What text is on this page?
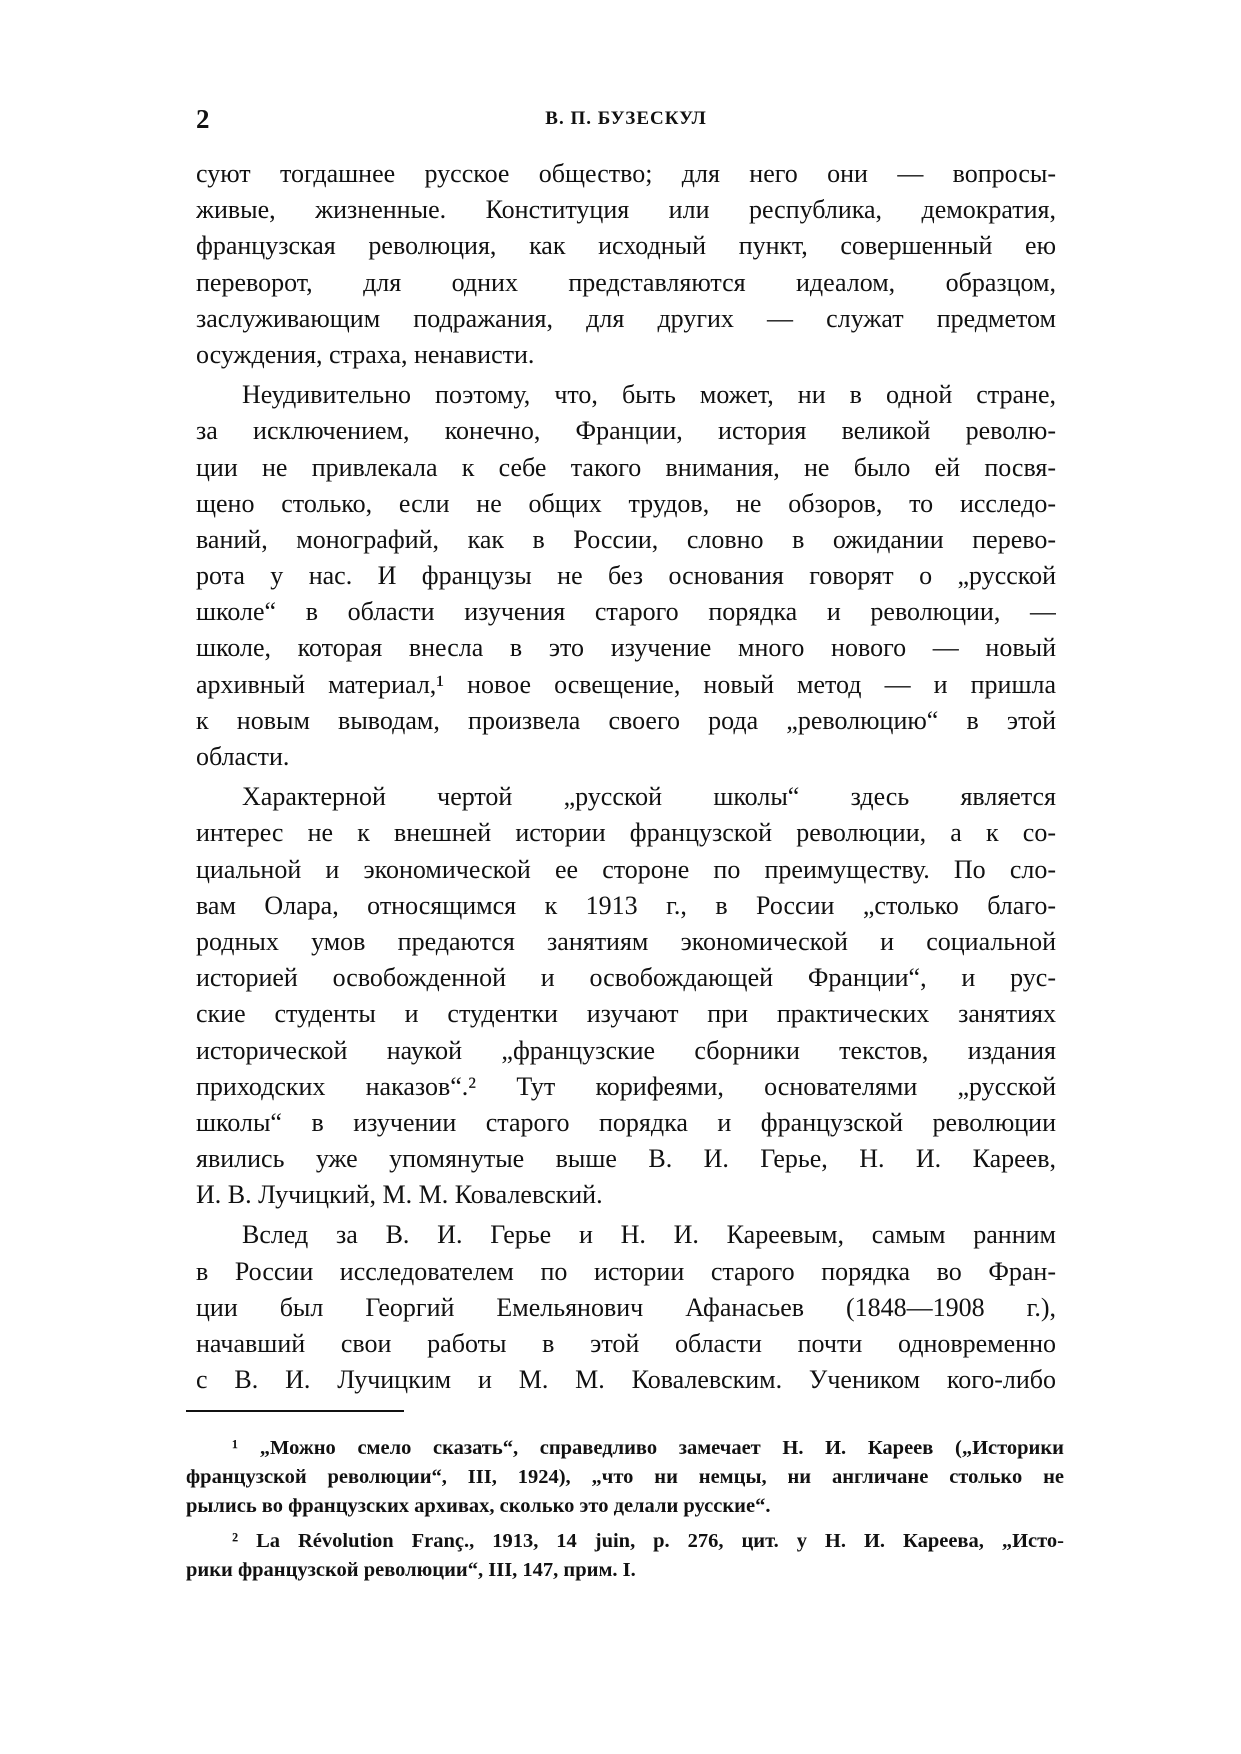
2	В. П. БУЗЕСКУЛ
суют тогдашнее русское общество; для него они — вопросы-
живые, жизненные. Конституция или республика, демократия,
французская революция, как исходный пункт, совершенный ею
переворот, для одних представляются идеалом, образцом,
заслуживающим подражания, для других — служат предметом
осуждения, страха, ненависти.
Неудивительно поэтому, что, быть может, ни в одной стране,
за исключением, конечно, Франции, история великой револю-
ции не привлекала к себе такого внимания, не было ей посвя-
щено столько, если не общих трудов, не обзоров, то исследо-
ваний, монографий, как в России, словно в ожидании перево-
рота у нас. И французы не без основания говорят о „русской
школе“ в области изучения старого порядка и революции, —
школе, которая внесла в это изучение много нового — новый
архивный материал,¹ новое освещение, новый метод — и пришла
к новым выводам, произвела своего рода „революцию“ в этой
области.
Характерной чертой „русской школы“ здесь является
интерес не к внешней истории французской революции, а к со-
циальной и экономической ее стороне по преимуществу. По сло-
вам Олара, относящимся к 1913 г., в России „столько благо-
родных умов предаются занятиям экономической и социальной
историей освобожденной и освобождающей Франции“, и рус-
ские студенты и студентки изучают при практических занятиях
исторической наукой „французские сборники текстов, издания
приходских наказов“.² Тут корифеями, основателями „русской
школы“ в изучении старого порядка и французской революции
явились уже упомянутые выше В. И. Герье, Н. И. Кареев,
И. В. Лучицкий, М. М. Ковалевский.
Вслед за В. И. Герье и Н. И. Кареевым, самым ранним
в России исследователем по истории старого порядка во Фран-
ции был Георгий Емельянович Афанасьев (1848—1908 г.),
начавший свои работы в этой области почти одновременно
с В. И. Лучицким и М. М. Ковалевским. Учеником кого-либо
¹ „Можно смело сказать“, справедливо замечает Н. И. Кареев („Историки
французской революции“, III, 1924), „что ни немцы, ни англичане столько не
рылись во французских архивах, сколько это делали русские“.
² La Révolution Franç., 1913, 14 juin, p. 276, цит. у Н. И. Кареева, „Исто-
рики французской революции“, III, 147, прим. I.
